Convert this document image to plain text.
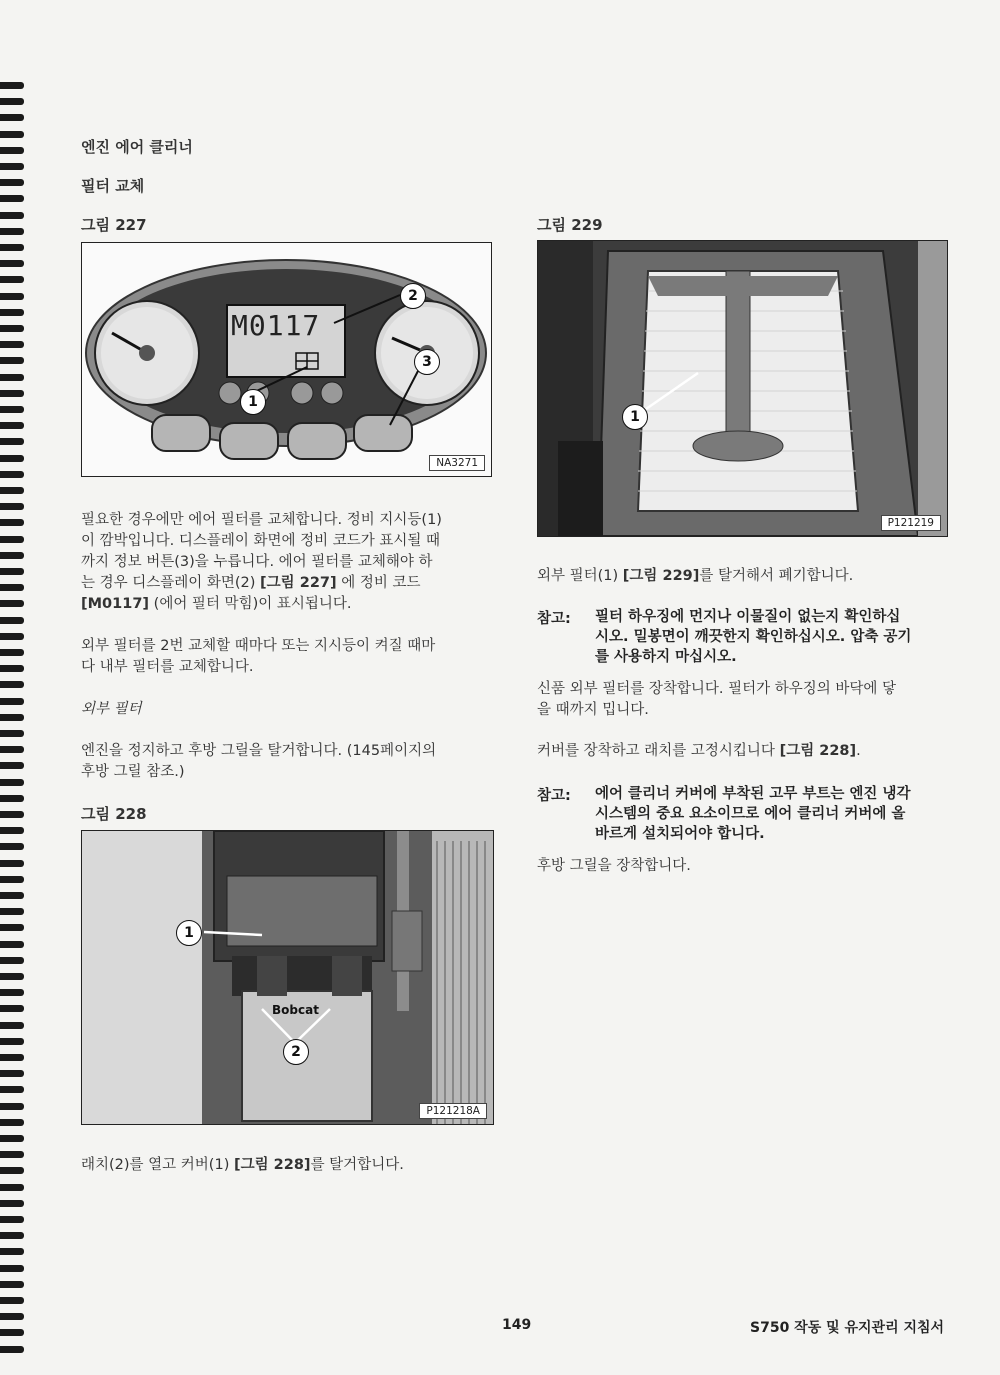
엔진 에어 클리너
필터 교체
그림 227
M0117
2
1
3
NA3271
필요한 경우에만 에어 필터를 교체합니다. 정비 지시등(1)
이 깜박입니다. 디스플레이 화면에 정비 코드가 표시될 때
까지 정보 버튼(3)을 누릅니다. 에어 필터를 교체해야 하
는 경우 디스플레이 화면(2) [그림 227] 에 정비 코드
[M0117] (에어 필터 막힘)이 표시됩니다.
외부 필터를 2번 교체할 때마다 또는 지시등이 켜질 때마
다 내부 필터를 교체합니다.
외부 필터
엔진을 정지하고 후방 그릴을 탈거합니다. (145페이지의
후방 그릴 참조.)
그림 228
Bobcat
1
2
P121218A
래치(2)를 열고 커버(1) [그림 228]를 탈거합니다.
그림 229
1
P121219
외부 필터(1) [그림 229]를 탈거해서 폐기합니다.
참고: 필터 하우징에 먼지나 이물질이 없는지 확인하십
시오. 밀봉면이 깨끗한지 확인하십시오. 압축 공기
를 사용하지 마십시오.
신품 외부 필터를 장착합니다. 필터가 하우징의 바닥에 닿
을 때까지 밉니다.
커버를 장착하고 래치를 고정시킵니다 [그림 228].
참고: 에어 클리너 커버에 부착된 고무 부트는 엔진 냉각
시스템의 중요 요소이므로 에어 클리너 커버에 올
바르게 설치되어야 합니다.
후방 그릴을 장착합니다.
149	S750 작동 및 유지관리 지침서
